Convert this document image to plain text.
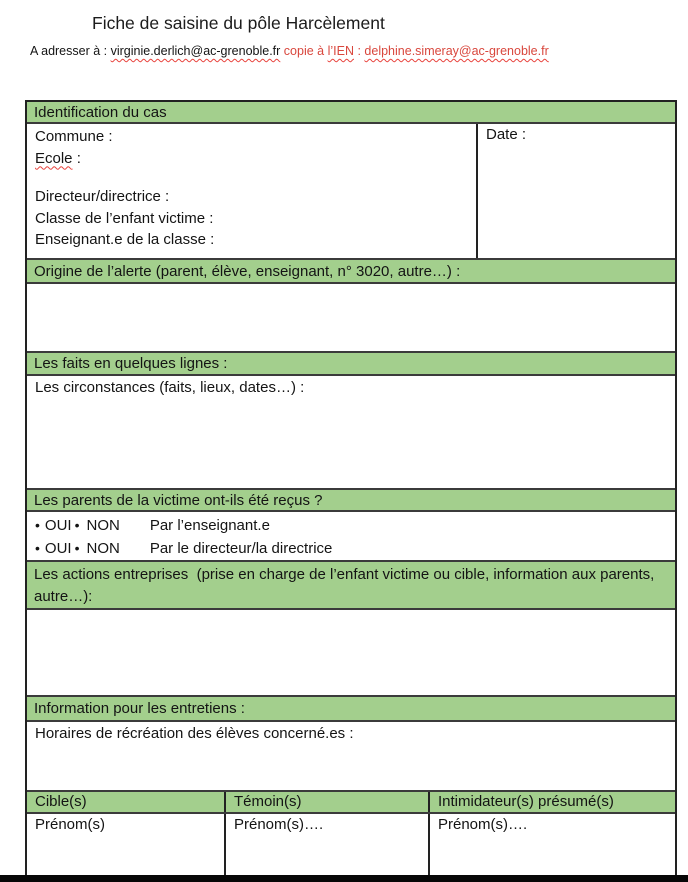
Fiche de saisine du pôle Harcèlement
A adresser à : virginie.derlich@ac-grenoble.fr copie à l’IEN : delphine.simeray@ac-grenoble.fr
Identification du cas
Commune :
Ecole :
Directeur/directrice :
Classe de l’enfant victime :
Enseignant.e de la classe :
Date :
Origine de l’alerte (parent, élève, enseignant, n° 3020, autre…) :
Les faits en quelques lignes :
Les circonstances (faits, lieux, dates…) :
Les parents de la victime ont-ils été reçus ?
• OUI • NON Par l’enseignant.e
• OUI • NON Par le directeur/la directrice
Les actions entreprises  (prise en charge de l’enfant victime ou cible, information aux parents, autre…):
Information pour les entretiens :
Horaires de récréation des élèves concerné.es :
Cible(s)	Témoin(s)	Intimidateur(s) présumé(s)
Prénom(s)	Prénom(s)….	Prénom(s)….
